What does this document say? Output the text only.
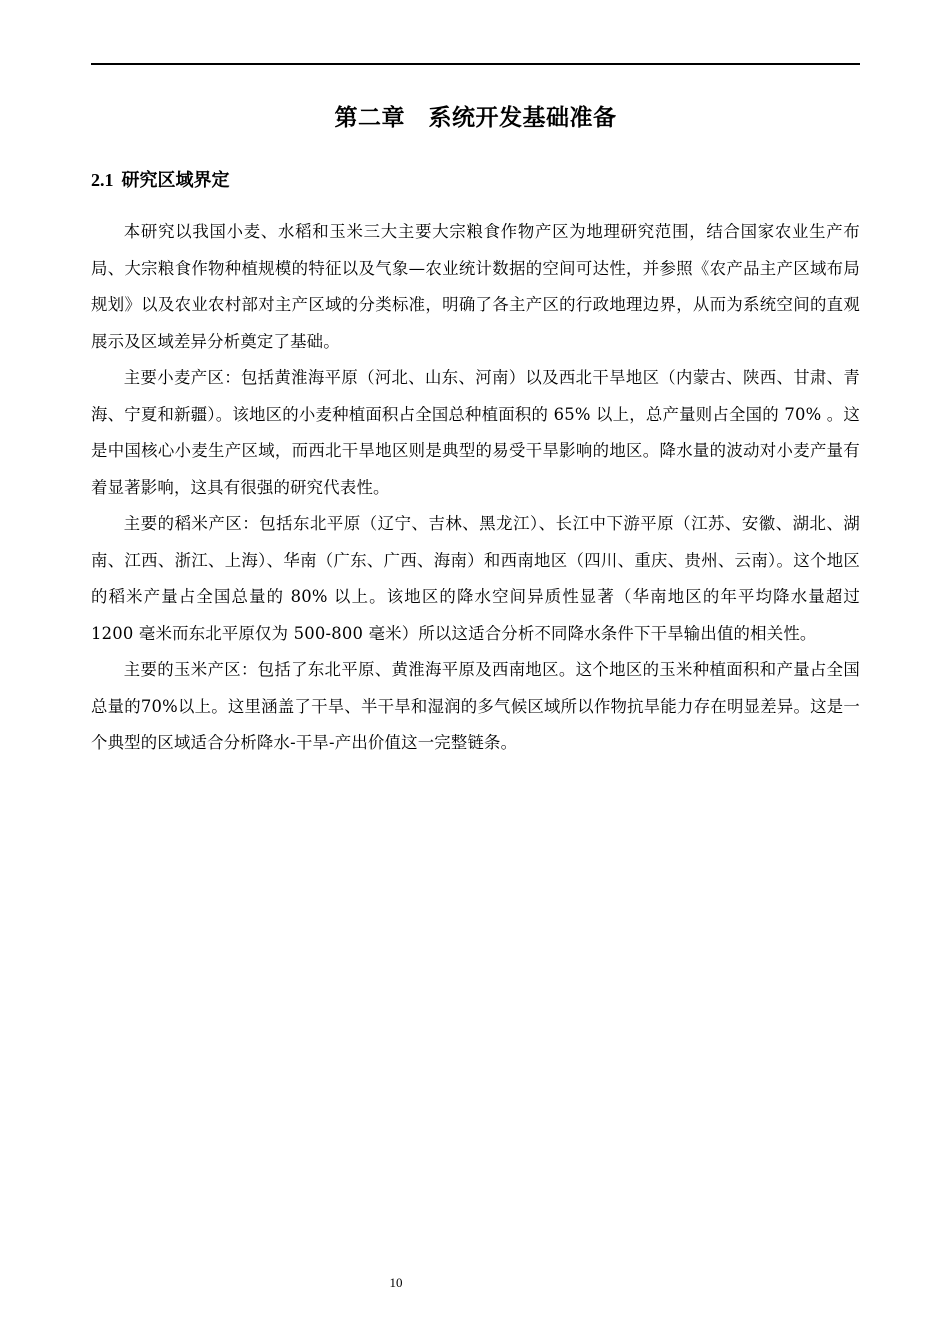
第二章　系统开发基础准备
2.1 研究区域界定

本研究以我国小麦、水稻和玉米三大主要大宗粮食作物产区为地理研究范围，结合国家农业生产布局、大宗粮食作物种植规模的特征以及气象—农业统计数据的空间可达性，并参照《农产品主产区域布局规划》以及农业农村部对主产区域的分类标准，明确了各主产区的行政地理边界，从而为系统空间的直观展示及区域差异分析奠定了基础。

主要小麦产区：包括黄淮海平原（河北、山东、河南）以及西北干旱地区（内蒙古、陕西、甘肃、青海、宁夏和新疆）。该地区的小麦种植面积占全国总种植面积的 65% 以上，总产量则占全国的 70% 。这是中国核心小麦生产区域，而西北干旱地区则是典型的易受干旱影响的地区。降水量的波动对小麦产量有着显著影响，这具有很强的研究代表性。

主要的稻米产区：包括东北平原（辽宁、吉林、黑龙江）、长江中下游平原（江苏、安徽、湖北、湖南、江西、浙江、上海）、华南（广东、广西、海南）和西南地区（四川、重庆、贵州、云南）。这个地区的稻米产量占全国总量的 80% 以上。该地区的降水空间异质性显著（华南地区的年平均降水量超过 1200 毫米而东北平原仅为 500-800 毫米）所以这适合分析不同降水条件下干旱输出值的相关性。

主要的玉米产区：包括了东北平原、黄淮海平原及西南地区。这个地区的玉米种植面积和产量占全国总量的70%以上。这里涵盖了干旱、半干旱和湿润的多气候区域所以作物抗旱能力存在明显差异。这是一个典型的区域适合分析降水-干旱-产出价值这一完整链条。

10
